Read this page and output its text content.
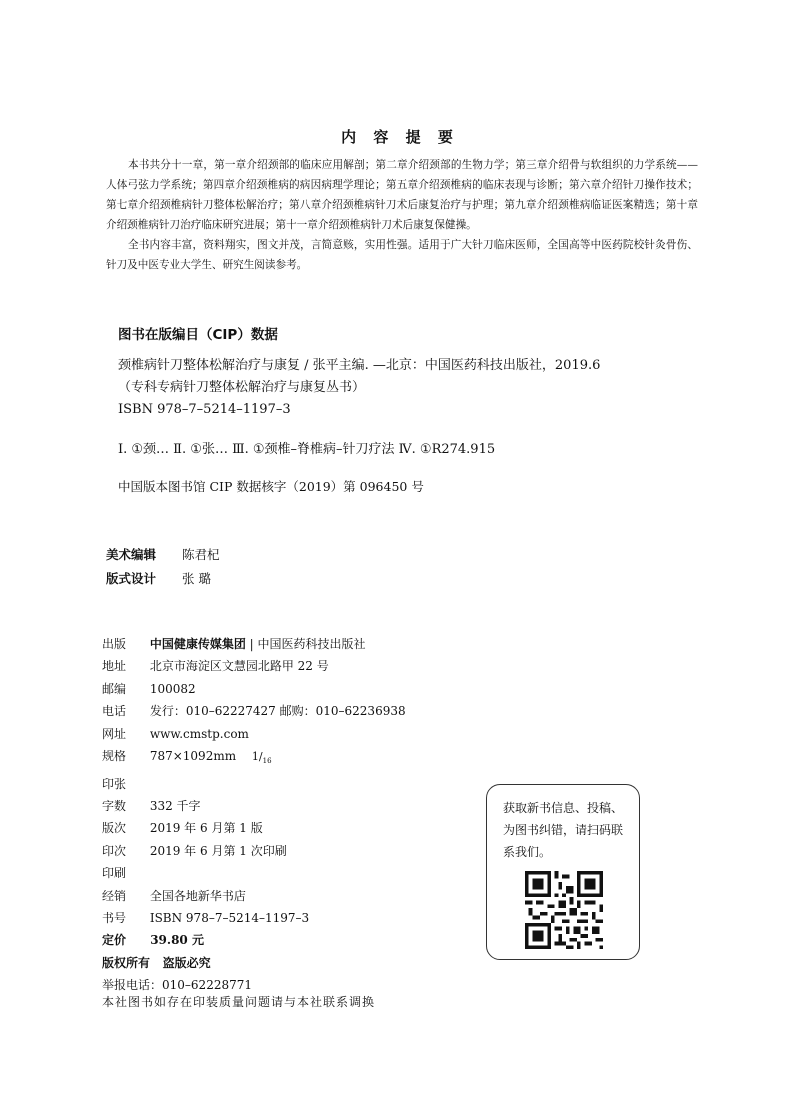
内 容 提 要

本书共分十一章，第一章介绍颈部的临床应用解剖；第二章介绍颈部的生物力学；第三章介绍骨与软组织的力学系统——人体弓弦力学系统；第四章介绍颈椎病的病因病理学理论；第五章介绍颈椎病的临床表现与诊断；第六章介绍针刀操作技术；第七章介绍颈椎病针刀整体松解治疗；第八章介绍颈椎病针刀术后康复治疗与护理；第九章介绍颈椎病临证医案精选；第十章介绍颈椎病针刀治疗临床研究进展；第十一章介绍颈椎病针刀术后康复保健操。

全书内容丰富，资料翔实，图文并茂，言简意赅，实用性强。适用于广大针刀临床医师，全国高等中医药院校针灸骨伤、针刀及中医专业大学生、研究生阅读参考。

图书在版编目（CIP）数据
颈椎病针刀整体松解治疗与康复 / 张平主编. —北京：中国医药科技出版社，2019.6
（专科专病针刀整体松解治疗与康复丛书）
ISBN 978–7–5214–1197–3
Ⅰ. ①颈… Ⅱ. ①张… Ⅲ. ①颈椎–脊椎病–针刀疗法 Ⅳ. ①R274.915
中国版本图书馆 CIP 数据核字（2019）第 096450 号
美术编辑 陈君杞
版式设计 张 璐
出版 中国健康传媒集团 | 中国医药科技出版社
地址 北京市海淀区文慧园北路甲 22 号
邮编 100082
电话 发行：010–62227427 邮购：010–62236938
网址 www.cmstp.com
规格 787×1092mm $1/_{16}$
印张
字数 332 千字
版次 2019 年 6 月第 1 版
印次 2019 年 6 月第 1 次印刷
印刷
经销 全国各地新华书店
书号 ISBN 978–7–5214–1197–3
定价 39.80 元
版权所有 盗版必究
举报电话：010–62228771
获取新书信息、投稿、为图书纠错，请扫码联系我们。
本社图书如存在印装质量问题请与本社联系调换
